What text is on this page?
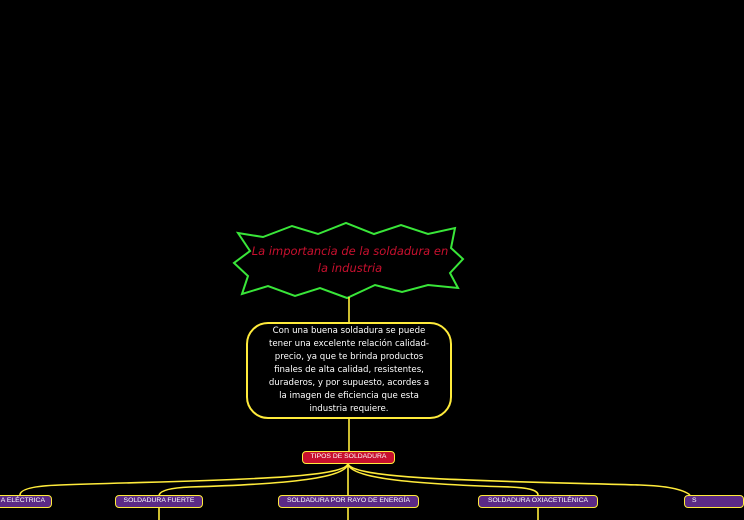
La importancia de la soldadura en la industria
Con una buena soldadura se puede tener una excelente relación calidad-precio, ya que te brinda productos finales de alta calidad, resistentes, duraderos, y por supuesto, acordes a la imagen de eficiencia que esta industria requiere.
TIPOS DE SOLDADURA
A ELÉCTRICA	SOLDADURA FUERTE	SOLDADURA POR RAYO DE ENERGÍA	SOLDADURA OXIACETILÉNICA	S
